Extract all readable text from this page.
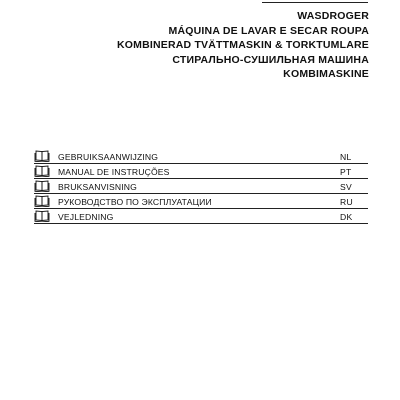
WASDROGER
MÁQUINA DE LAVAR E SECAR ROUPA
KOMBINERAD TVÄTTMASKIN & TORKTUMLARE
СТИРАЛЬНО-СУШИЛЬНАЯ МАШИНА
KOMBIMASKINE
GEBRUIKSAANWIJZING	NL
MANUAL DE INSTRUÇÕES	PT
BRUKSANVISNING	SV
РУКОВОДСТВО ПО ЭКСПЛУАТАЦИИ	RU
VEJLEDNING	DK
